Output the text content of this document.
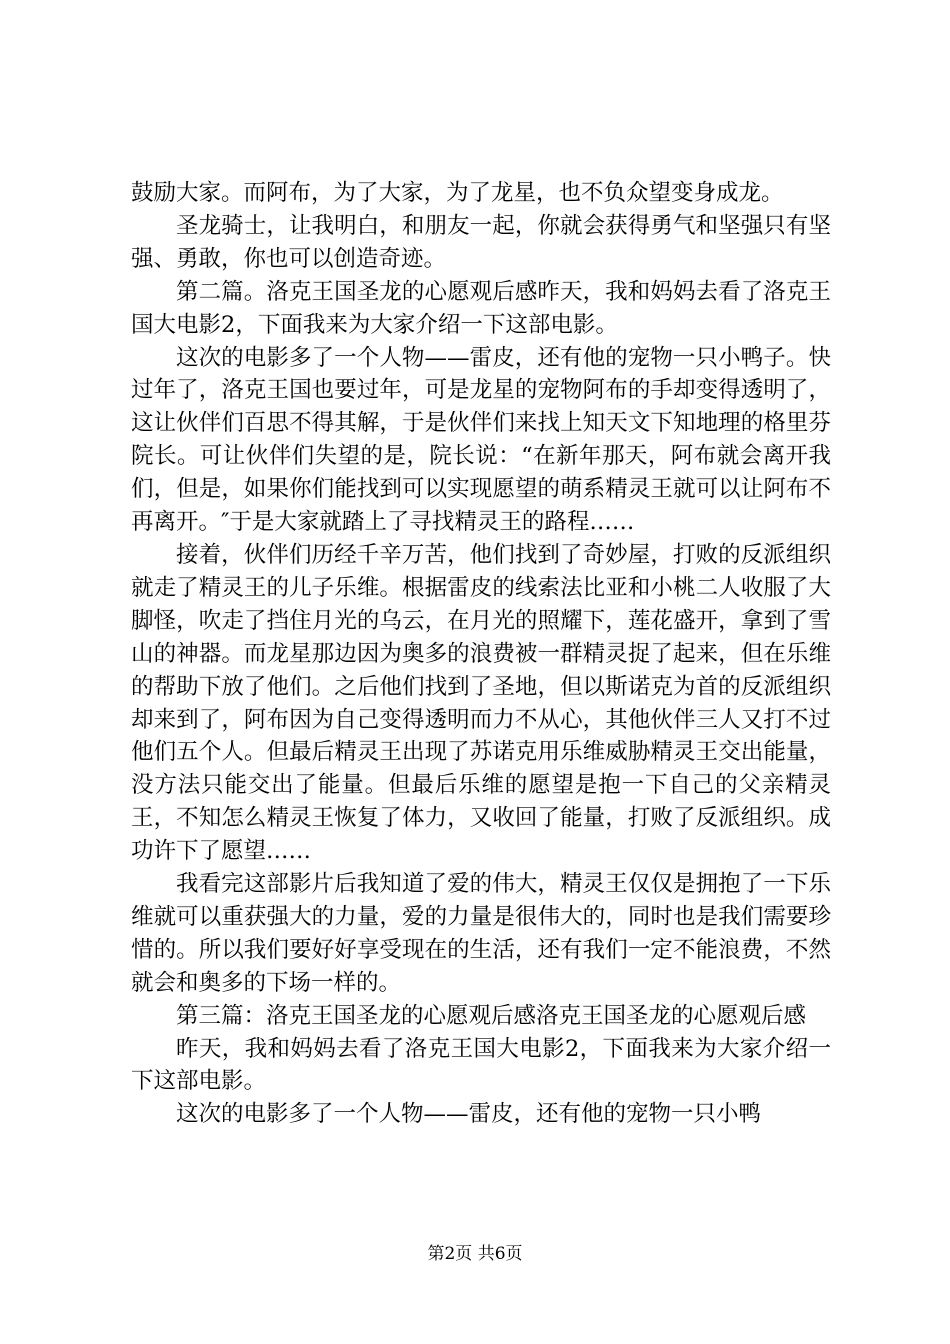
鼓励大家。而阿布，为了大家，为了龙星，也不负众望变身成龙。

圣龙骑士，让我明白，和朋友一起，你就会获得勇气和坚强只有坚强、勇敢，你也可以创造奇迹。

第二篇。洛克王国圣龙的心愿观后感昨天，我和妈妈去看了洛克王国大电影2，下面我来为大家介绍一下这部电影。

这次的电影多了一个人物——雷皮，还有他的宠物一只小鸭子。快过年了，洛克王国也要过年，可是龙星的宠物阿布的手却变得透明了，这让伙伴们百思不得其解，于是伙伴们来找上知天文下知地理的格里芬院长。可让伙伴们失望的是，院长说：“在新年那天，阿布就会离开我们，但是，如果你们能找到可以实现愿望的萌系精灵王就可以让阿布不再离开。″于是大家就踏上了寻找精灵王的路程……

接着，伙伴们历经千辛万苦，他们找到了奇妙屋，打败的反派组织就走了精灵王的儿子乐维。根据雷皮的线索法比亚和小桃二人收服了大脚怪，吹走了挡住月光的乌云，在月光的照耀下，莲花盛开，拿到了雪山的神器。而龙星那边因为奥多的浪费被一群精灵捉了起来，但在乐维的帮助下放了他们。之后他们找到了圣地，但以斯诺克为首的反派组织却来到了，阿布因为自己变得透明而力不从心，其他伙伴三人又打不过他们五个人。但最后精灵王出现了苏诺克用乐维威胁精灵王交出能量，没方法只能交出了能量。但最后乐维的愿望是抱一下自己的父亲精灵王，不知怎么精灵王恢复了体力，又收回了能量，打败了反派组织。成功许下了愿望……

我看完这部影片后我知道了爱的伟大，精灵王仅仅是拥抱了一下乐维就可以重获强大的力量，爱的力量是很伟大的，同时也是我们需要珍惜的。所以我们要好好享受现在的生活，还有我们一定不能浪费，不然就会和奥多的下场一样的。

第三篇：洛克王国圣龙的心愿观后感洛克王国圣龙的心愿观后感

昨天，我和妈妈去看了洛克王国大电影2，下面我来为大家介绍一下这部电影。

这次的电影多了一个人物——雷皮，还有他的宠物一只小鸭

第2页 共6页
